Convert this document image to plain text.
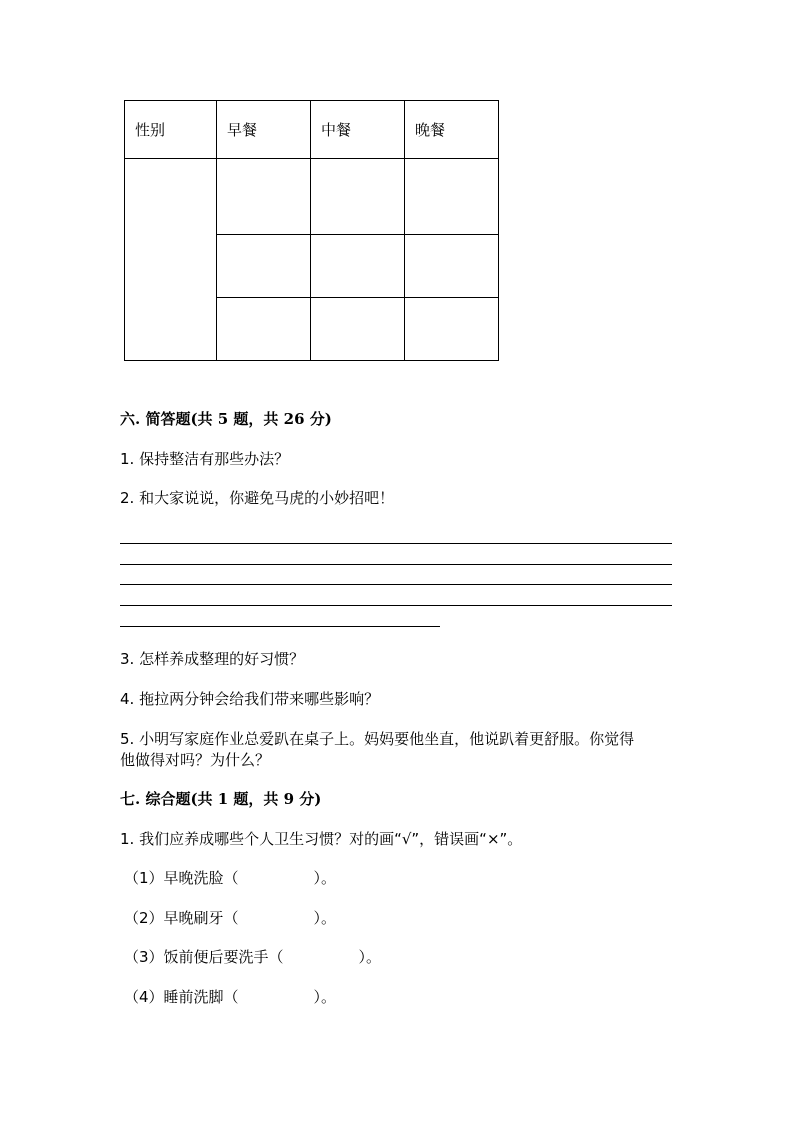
性别	早餐	中餐	晚餐

六. 简答题(共 5 题，共 26 分)
1. 保持整洁有那些办法？
2. 和大家说说，你避免马虎的小妙招吧！
3. 怎样养成整理的好习惯？
4. 拖拉两分钟会给我们带来哪些影响？
5. 小明写家庭作业总爱趴在桌子上。妈妈要他坐直，他说趴着更舒服。你觉得
他做得对吗？为什么？
七. 综合题(共 1 题，共 9 分)
1. 我们应养成哪些个人卫生习惯？对的画“√”，错误画“×”。
（1）早晚洗脸（　　　　　）。
（2）早晚刷牙（　　　　　）。
（3）饭前便后要洗手（　　　　　）。
（4）睡前洗脚（　　　　　）。
